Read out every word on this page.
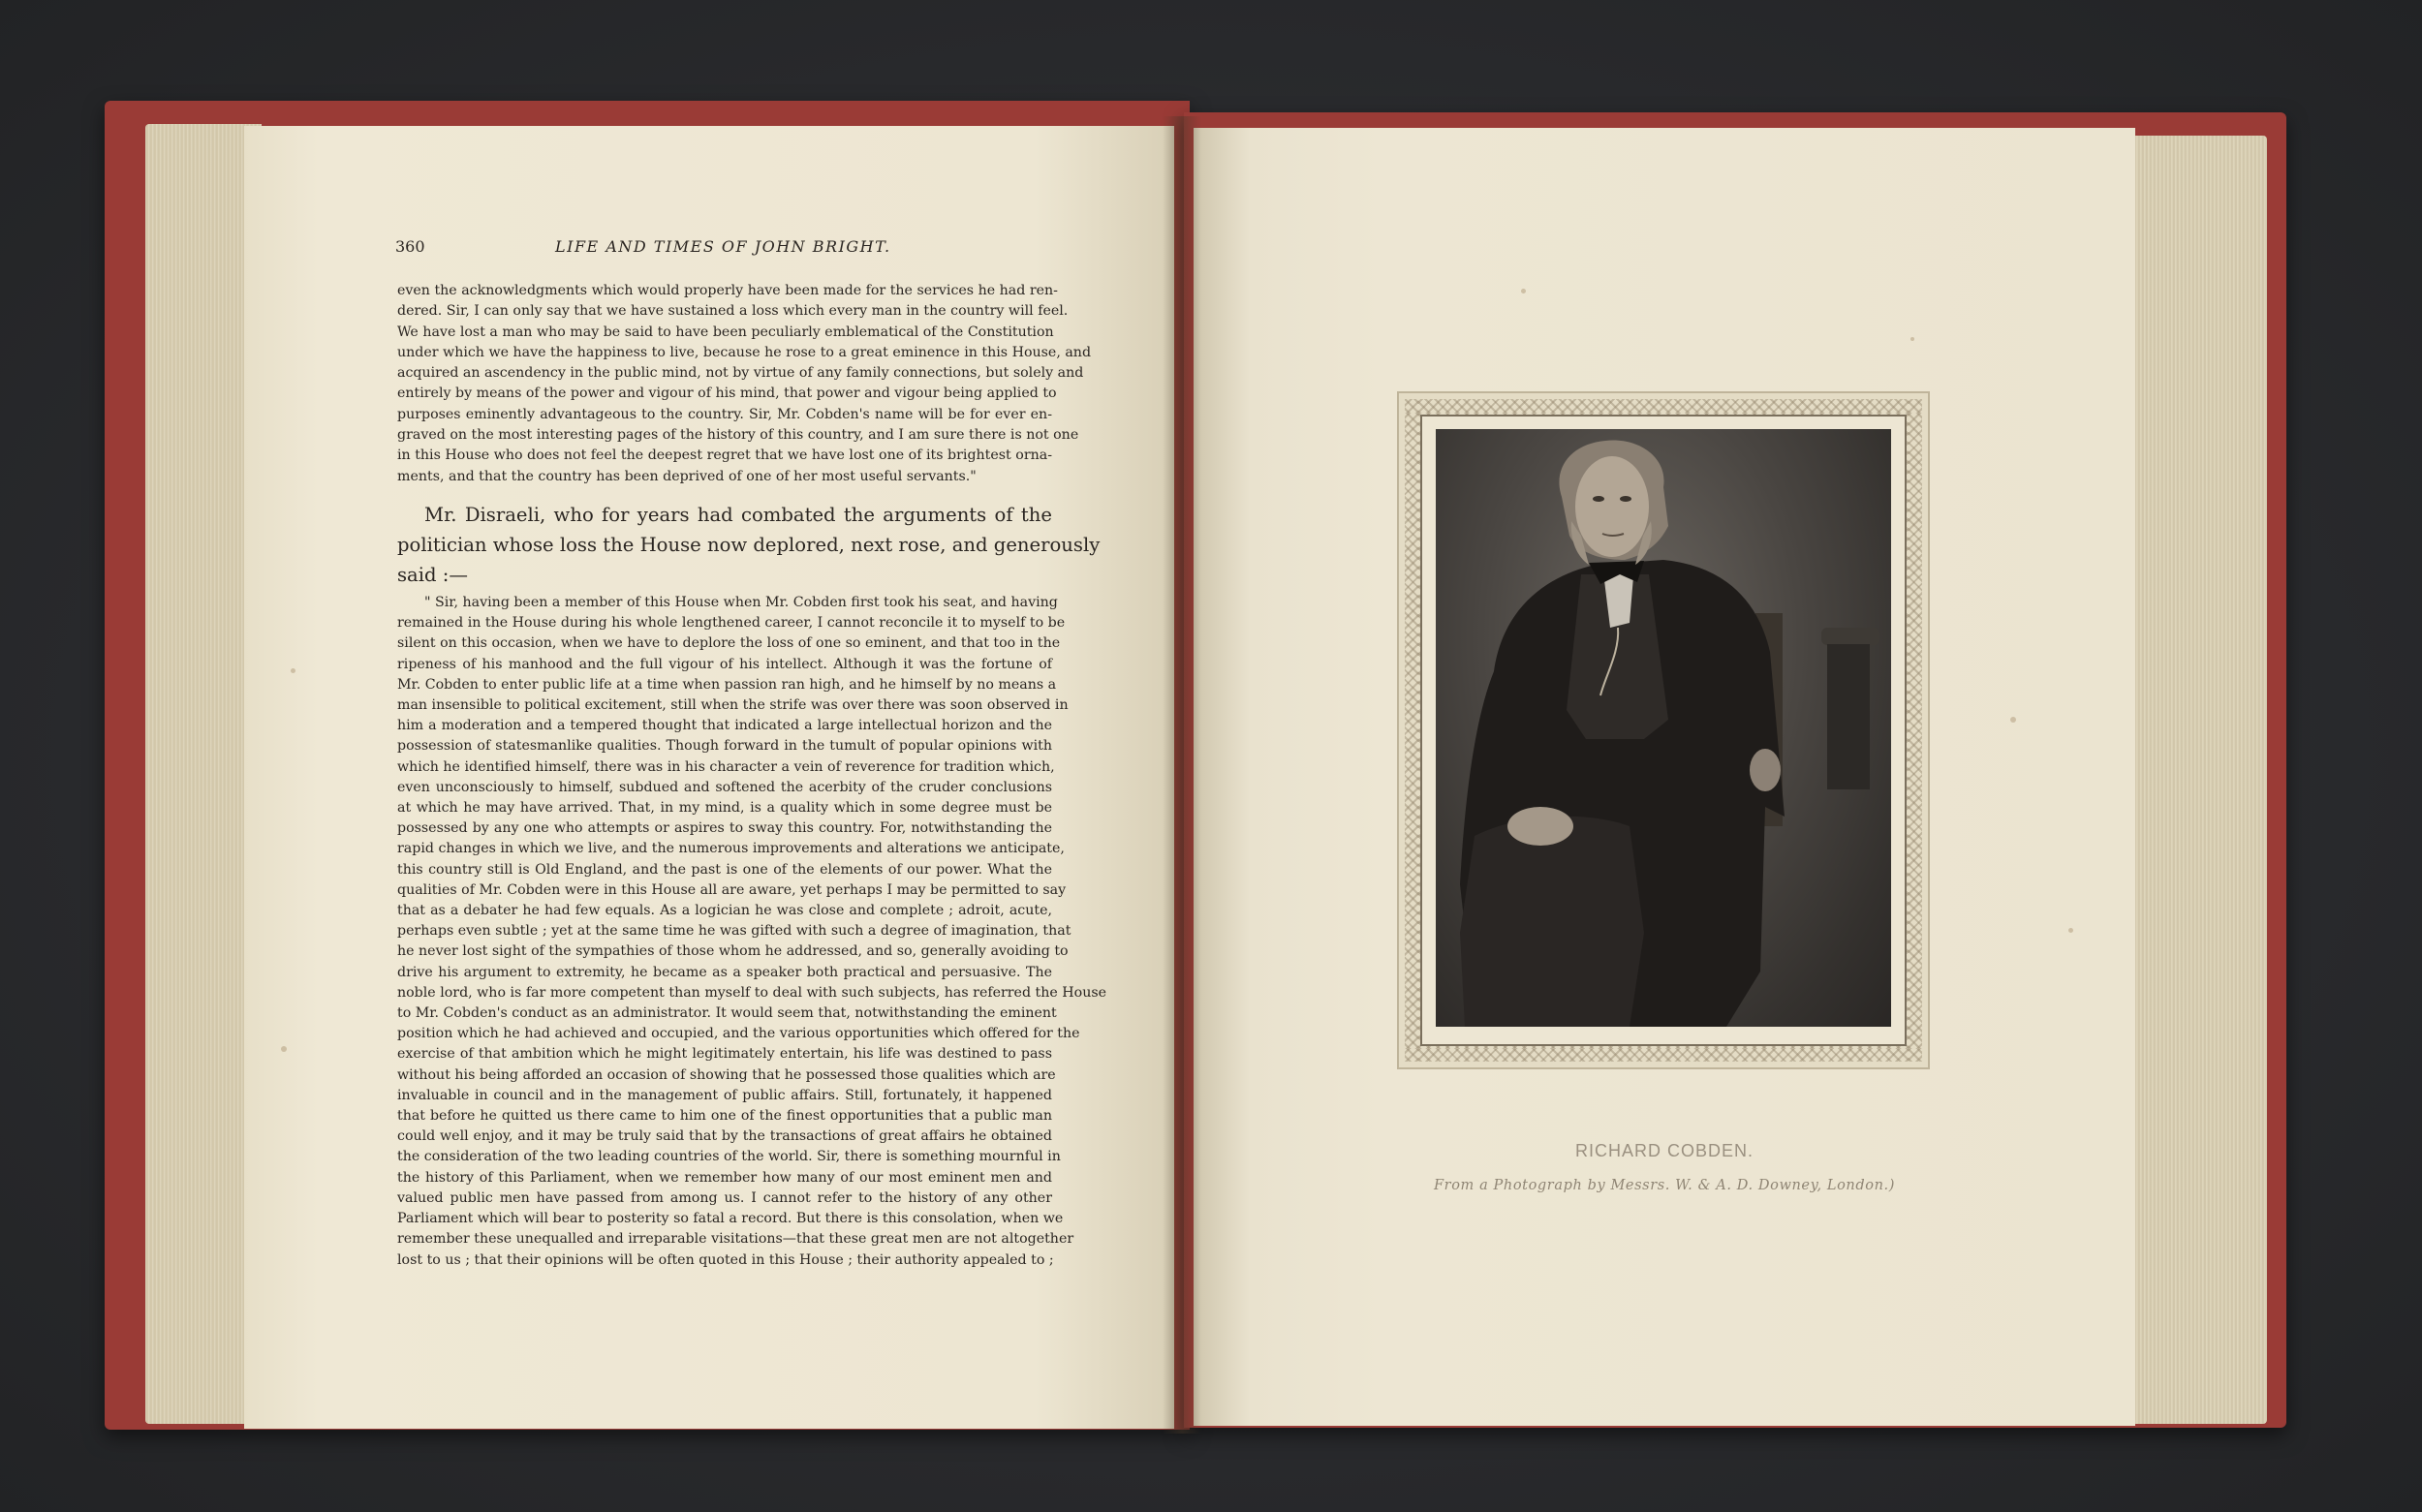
360	LIFE AND TIMES OF JOHN BRIGHT.
even the acknowledgments which would properly have been made for the services he had ren-
dered. Sir, I can only say that we have sustained a loss which every man in the country will feel.
We have lost a man who may be said to have been peculiarly emblematical of the Constitution
under which we have the happiness to live, because he rose to a great eminence in this House, and
acquired an ascendency in the public mind, not by virtue of any family connections, but solely and
entirely by means of the power and vigour of his mind, that power and vigour being applied to
purposes eminently advantageous to the country. Sir, Mr. Cobden's name will be for ever en-
graved on the most interesting pages of the history of this country, and I am sure there is not one
in this House who does not feel the deepest regret that we have lost one of its brightest orna-
ments, and that the country has been deprived of one of her most useful servants."
Mr. Disraeli, who for years had combated the arguments of the
politician whose loss the House now deplored, next rose, and generously
said :—
" Sir, having been a member of this House when Mr. Cobden first took his seat, and having
remained in the House during his whole lengthened career, I cannot reconcile it to myself to be
silent on this occasion, when we have to deplore the loss of one so eminent, and that too in the
ripeness of his manhood and the full vigour of his intellect. Although it was the fortune of
Mr. Cobden to enter public life at a time when passion ran high, and he himself by no means a
man insensible to political excitement, still when the strife was over there was soon observed in
him a moderation and a tempered thought that indicated a large intellectual horizon and the
possession of statesmanlike qualities. Though forward in the tumult of popular opinions with
which he identified himself, there was in his character a vein of reverence for tradition which,
even unconsciously to himself, subdued and softened the acerbity of the cruder conclusions
at which he may have arrived. That, in my mind, is a quality which in some degree must be
possessed by any one who attempts or aspires to sway this country. For, notwithstanding the
rapid changes in which we live, and the numerous improvements and alterations we anticipate,
this country still is Old England, and the past is one of the elements of our power. What the
qualities of Mr. Cobden were in this House all are aware, yet perhaps I may be permitted to say
that as a debater he had few equals. As a logician he was close and complete ; adroit, acute,
perhaps even subtle ; yet at the same time he was gifted with such a degree of imagination, that
he never lost sight of the sympathies of those whom he addressed, and so, generally avoiding to
drive his argument to extremity, he became as a speaker both practical and persuasive. The
noble lord, who is far more competent than myself to deal with such subjects, has referred the House
to Mr. Cobden's conduct as an administrator. It would seem that, notwithstanding the eminent
position which he had achieved and occupied, and the various opportunities which offered for the
exercise of that ambition which he might legitimately entertain, his life was destined to pass
without his being afforded an occasion of showing that he possessed those qualities which are
invaluable in council and in the management of public affairs. Still, fortunately, it happened
that before he quitted us there came to him one of the finest opportunities that a public man
could well enjoy, and it may be truly said that by the transactions of great affairs he obtained
the consideration of the two leading countries of the world. Sir, there is something mournful in
the history of this Parliament, when we remember how many of our most eminent men and
valued public men have passed from among us. I cannot refer to the history of any other
Parliament which will bear to posterity so fatal a record. But there is this consolation, when we
remember these unequalled and irreparable visitations—that these great men are not altogether
lost to us ; that their opinions will be often quoted in this House ; their authority appealed to ;
RICHARD COBDEN.
From a Photograph by Messrs. W. & A. D. Downey, London.)
